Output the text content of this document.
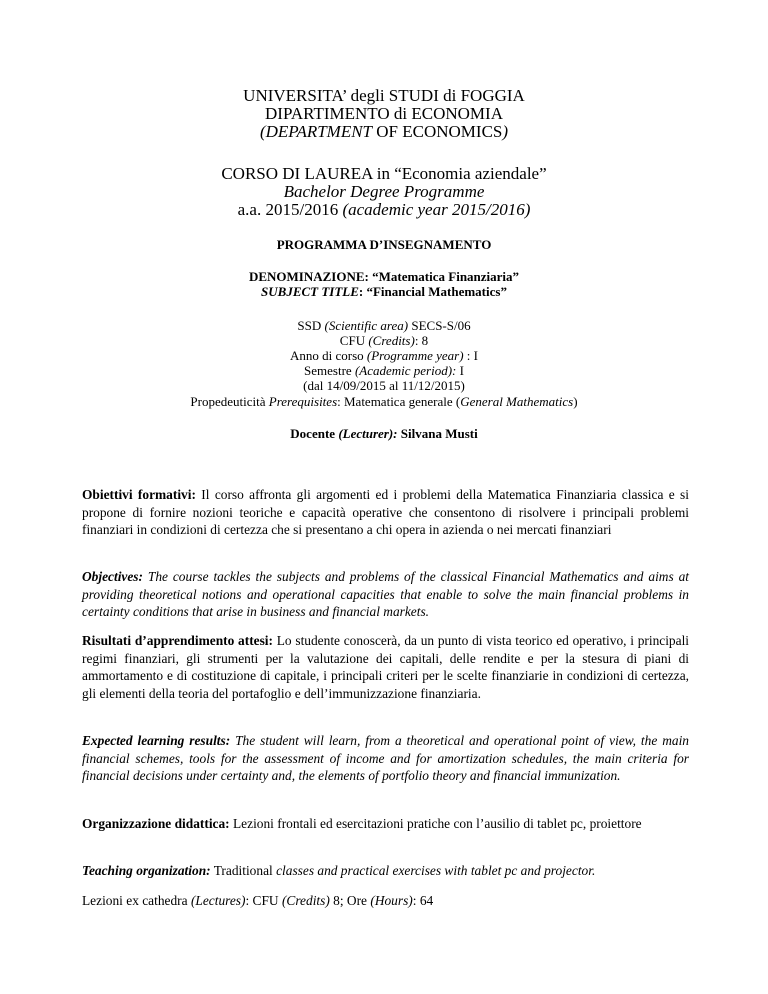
UNIVERSITA’ degli STUDI di FOGGIA
DIPARTIMENTO di ECONOMIA
(DEPARTMENT OF ECONOMICS)
CORSO DI LAUREA in “Economia aziendale”
Bachelor Degree Programme
a.a. 2015/2016 (academic year 2015/2016)
PROGRAMMA D’INSEGNAMENTO
DENOMINAZIONE: “Matematica Finanziaria”
SUBJECT TITLE: “Financial Mathematics”
SSD (Scientific area) SECS-S/06
CFU (Credits): 8
Anno di corso (Programme year) : I
Semestre (Academic period): I
(dal 14/09/2015 al 11/12/2015)
Propedeuticità Prerequisites: Matematica generale (General Mathematics)
Docente (Lecturer): Silvana Musti
Obiettivi formativi: Il corso affronta gli argomenti ed i problemi della Matematica Finanziaria classica e si propone di fornire nozioni teoriche e capacità operative che consentono di risolvere i principali problemi finanziari in condizioni di certezza che si presentano a chi opera in azienda o nei mercati finanziari
Objectives: The course tackles the subjects and problems of the classical Financial Mathematics and aims at providing theoretical notions and operational capacities that enable to solve the main financial problems in certainty conditions that arise in business and financial markets.
Risultati d’apprendimento attesi: Lo studente conoscerà, da un punto di vista teorico ed operativo, i principali regimi finanziari, gli strumenti per la valutazione dei capitali, delle rendite e per la stesura di piani di ammortamento e di costituzione di capitale, i principali criteri per le scelte finanziarie in condizioni di certezza, gli elementi della teoria del portafoglio e dell’immunizzazione finanziaria.
Expected learning results: The student will learn, from a theoretical and operational point of view, the main financial schemes, tools for the assessment of income and for amortization schedules, the main criteria for financial decisions under certainty and, the elements of portfolio theory and financial immunization.
Organizzazione didattica: Lezioni frontali ed esercitazioni pratiche con l’ausilio di tablet pc, proiettore
Teaching organization: Traditional classes and practical exercises with tablet pc and projector.
Lezioni ex cathedra (Lectures): CFU (Credits) 8; Ore (Hours): 64
